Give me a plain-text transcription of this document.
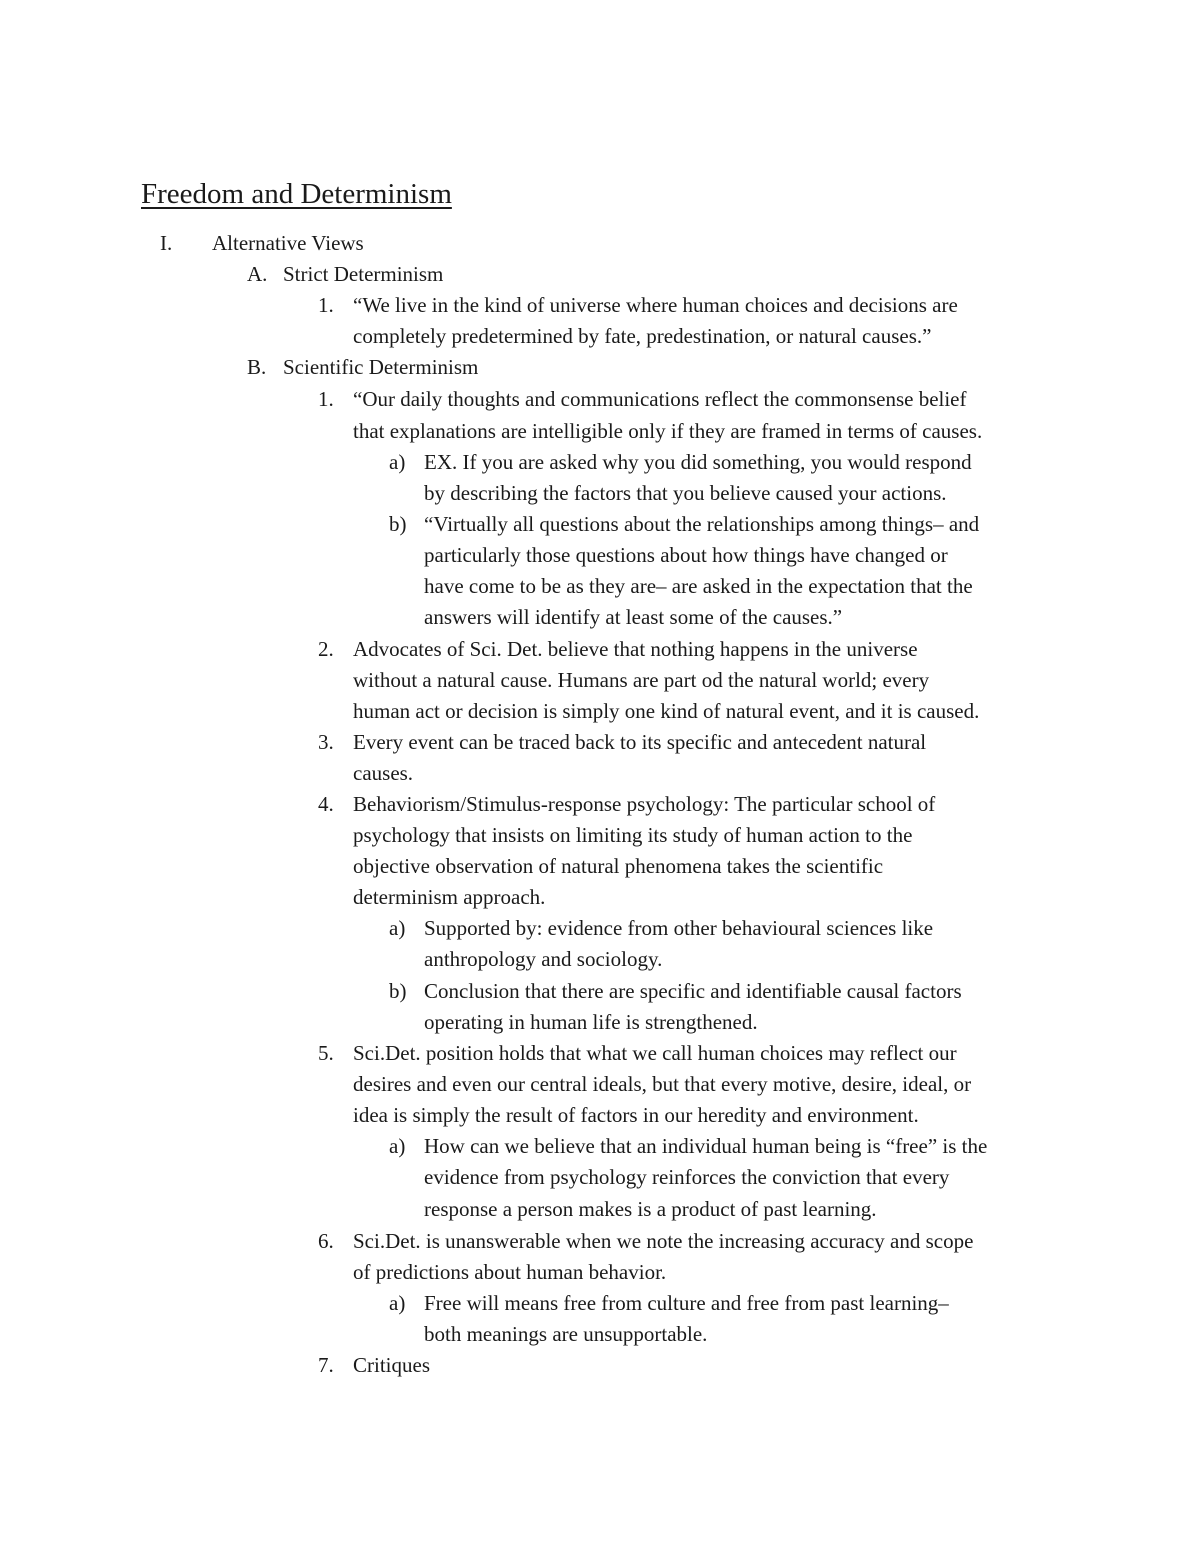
Freedom and Determinism
I. Alternative Views
A. Strict Determinism
1. “We live in the kind of universe where human choices and decisions are
completely predetermined by fate, predestination, or natural causes.”
B. Scientific Determinism
1. “Our daily thoughts and communications reflect the commonsense belief
that explanations are intelligible only if they are framed in terms of causes.
a) EX. If you are asked why you did something, you would respond
by describing the factors that you believe caused your actions.
b) “Virtually all questions about the relationships among things– and
particularly those questions about how things have changed or
have come to be as they are– are asked in the expectation that the
answers will identify at least some of the causes.”
2. Advocates of Sci. Det. believe that nothing happens in the universe
without a natural cause. Humans are part od the natural world; every
human act or decision is simply one kind of natural event, and it is caused.
3. Every event can be traced back to its specific and antecedent natural
causes.
4. Behaviorism/Stimulus-response psychology: The particular school of
psychology that insists on limiting its study of human action to the
objective observation of natural phenomena takes the scientific
determinism approach.
a) Supported by: evidence from other behavioural sciences like
anthropology and sociology.
b) Conclusion that there are specific and identifiable causal factors
operating in human life is strengthened.
5. Sci.Det. position holds that what we call human choices may reflect our
desires and even our central ideals, but that every motive, desire, ideal, or
idea is simply the result of factors in our heredity and environment.
a) How can we believe that an individual human being is “free” is the
evidence from psychology reinforces the conviction that every
response a person makes is a product of past learning.
6. Sci.Det. is unanswerable when we note the increasing accuracy and scope
of predictions about human behavior.
a) Free will means free from culture and free from past learning–
both meanings are unsupportable.
7. Critiques
